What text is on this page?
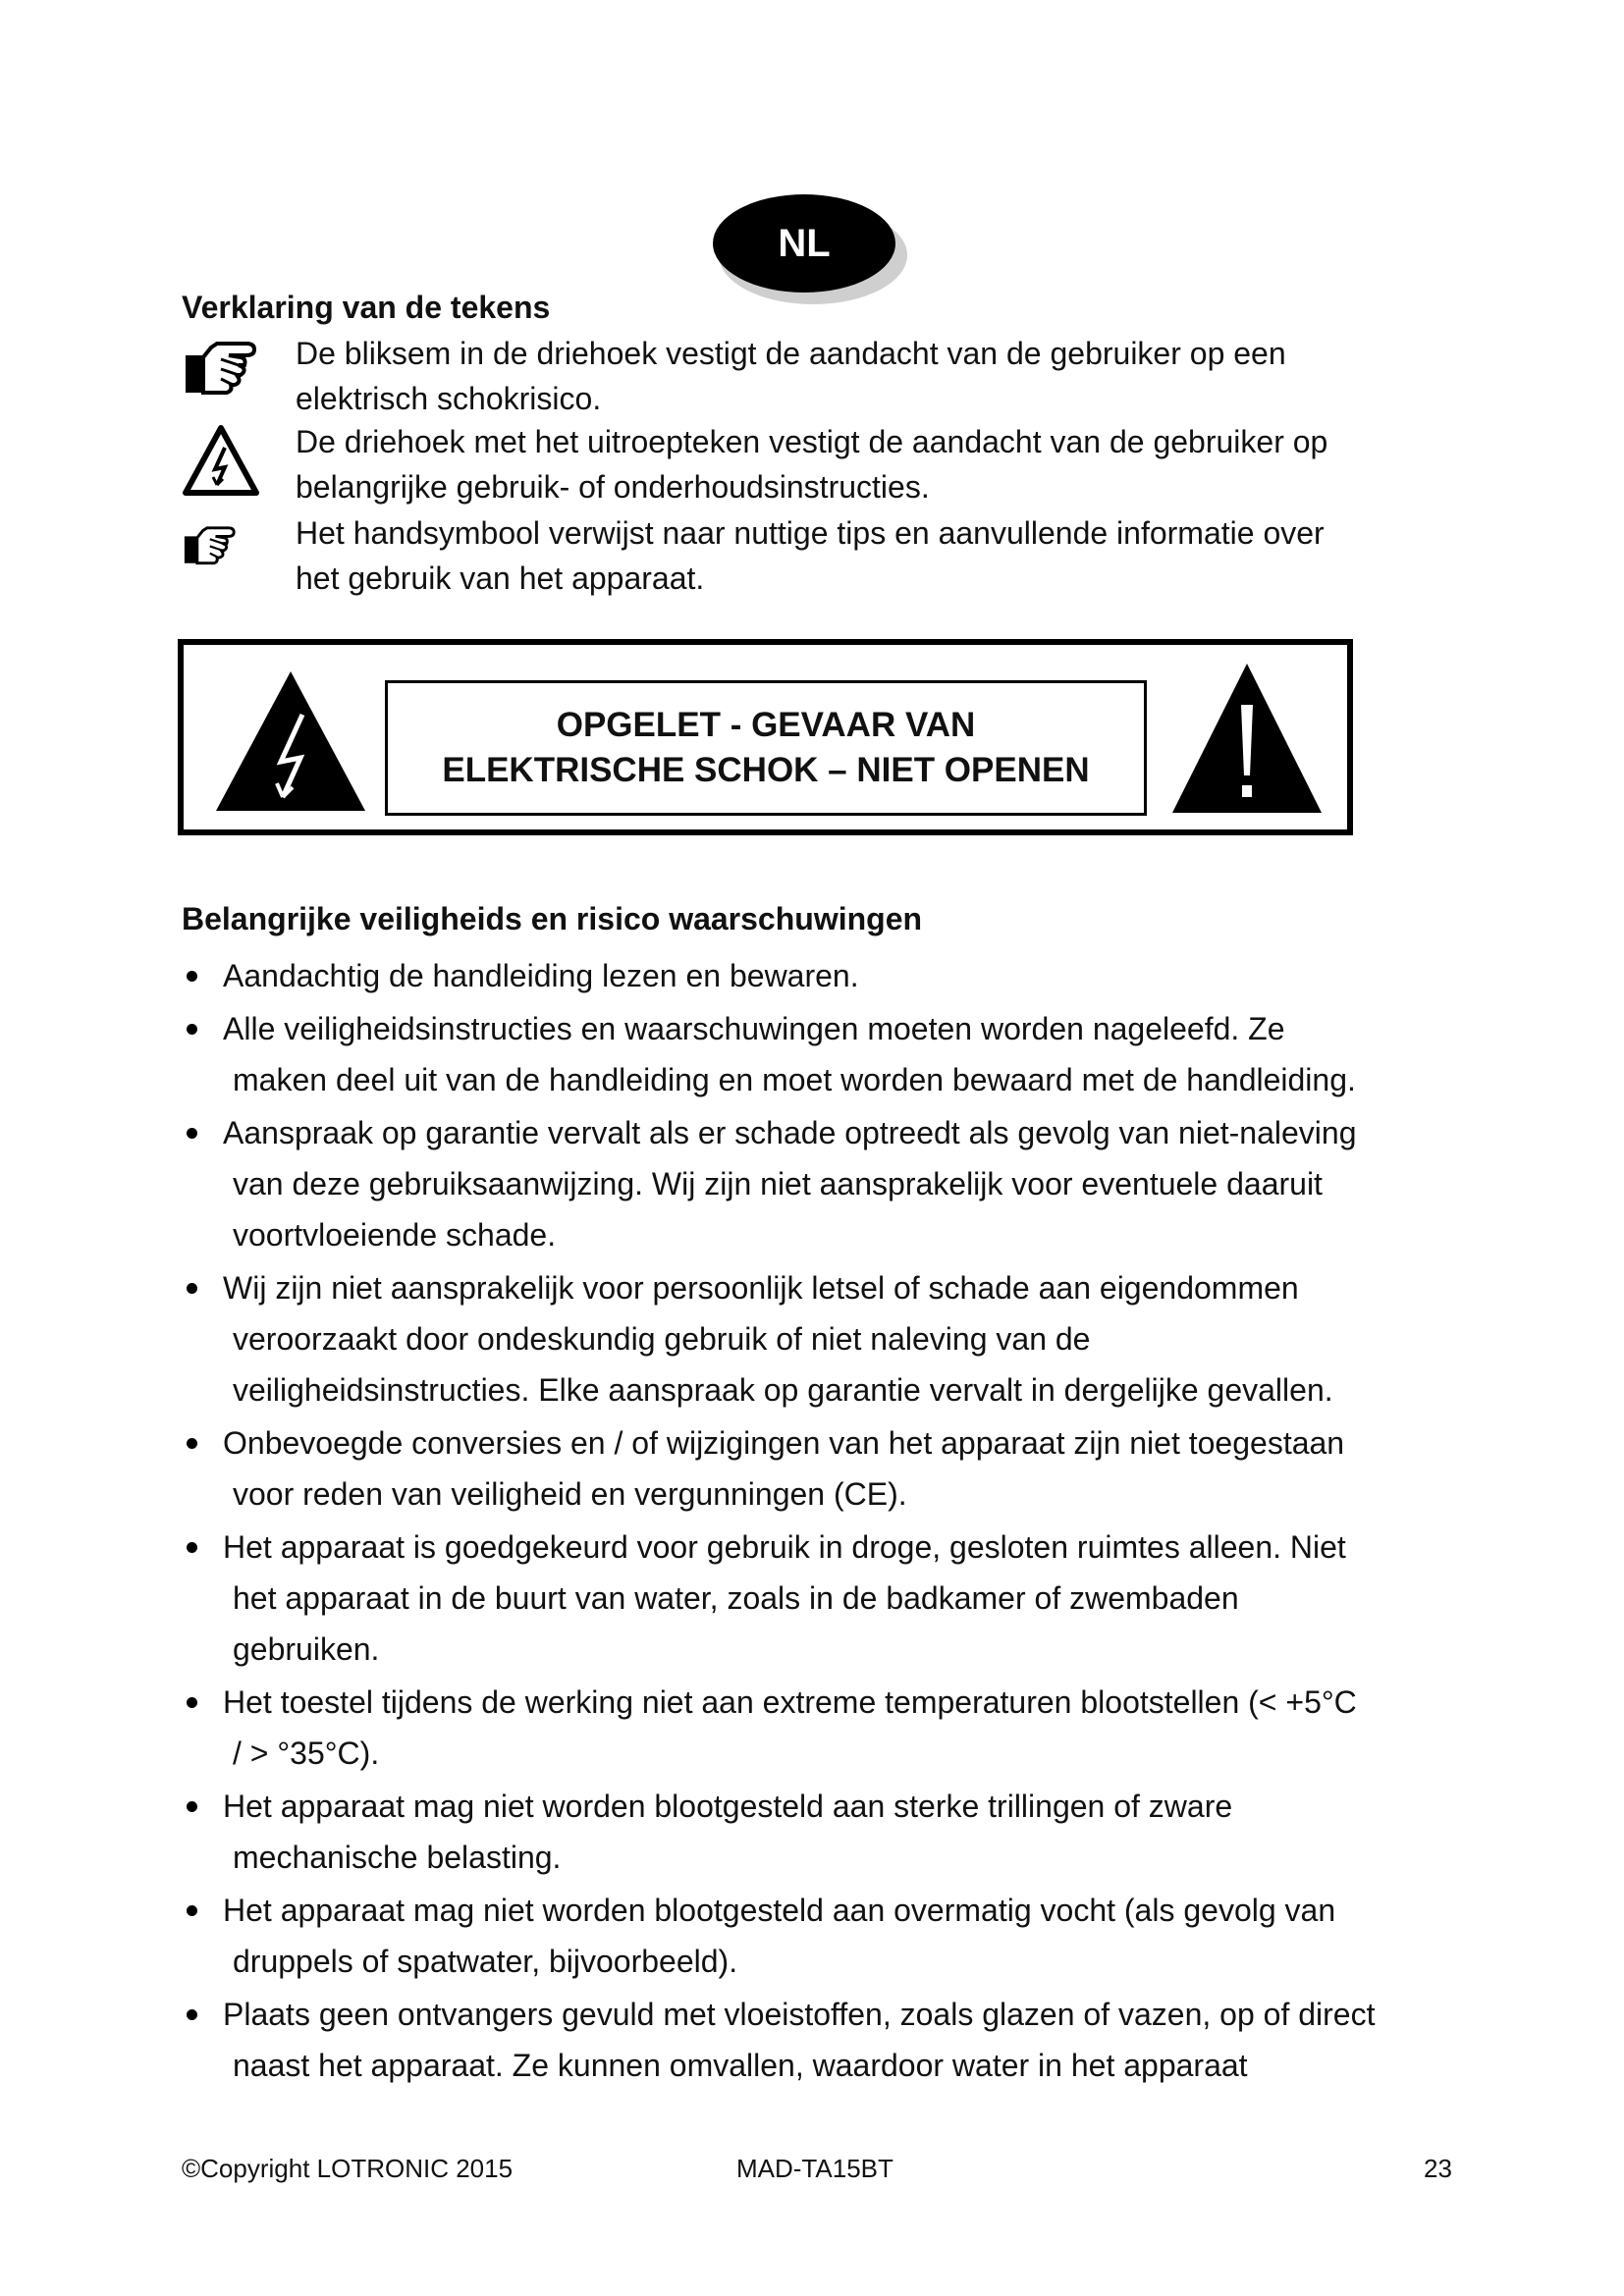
NL
Verklaring van de tekens
De bliksem in de driehoek vestigt de aandacht van de gebruiker op een
elektrisch schokrisico.
De driehoek met het uitroepteken vestigt de aandacht van de gebruiker op
belangrijke gebruik- of onderhoudsinstructies.
Het handsymbool verwijst naar nuttige tips en aanvullende informatie over
het gebruik van het apparaat.
OPGELET - GEVAAR VAN
ELEKTRISCHE SCHOK – NIET OPENEN
Belangrijke veiligheids en risico waarschuwingen
Aandachtig de handleiding lezen en bewaren.
Alle veiligheidsinstructies en waarschuwingen moeten worden nageleefd. Ze
maken deel uit van de handleiding en moet worden bewaard met de handleiding.
Aanspraak op garantie vervalt als er schade optreedt als gevolg van niet-naleving
van deze gebruiksaanwijzing. Wij zijn niet aansprakelijk voor eventuele daaruit
voortvloeiende schade.
Wij zijn niet aansprakelijk voor persoonlijk letsel of schade aan eigendommen
veroorzaakt door ondeskundig gebruik of niet naleving van de
veiligheidsinstructies. Elke aanspraak op garantie vervalt in dergelijke gevallen.
Onbevoegde conversies en / of wijzigingen van het apparaat zijn niet toegestaan
voor reden van veiligheid en vergunningen (CE).
Het apparaat is goedgekeurd voor gebruik in droge, gesloten ruimtes alleen. Niet
het apparaat in de buurt van water, zoals in de badkamer of zwembaden
gebruiken.
Het toestel tijdens de werking niet aan extreme temperaturen blootstellen (< +5°C
/ > °35°C).
Het apparaat mag niet worden blootgesteld aan sterke trillingen of zware
mechanische belasting.
Het apparaat mag niet worden blootgesteld aan overmatig vocht (als gevolg van
druppels of spatwater, bijvoorbeeld).
Plaats geen ontvangers gevuld met vloeistoffen, zoals glazen of vazen, op of direct
naast het apparaat. Ze kunnen omvallen, waardoor water in het apparaat
©Copyright LOTRONIC 2015	MAD-TA15BT	23
